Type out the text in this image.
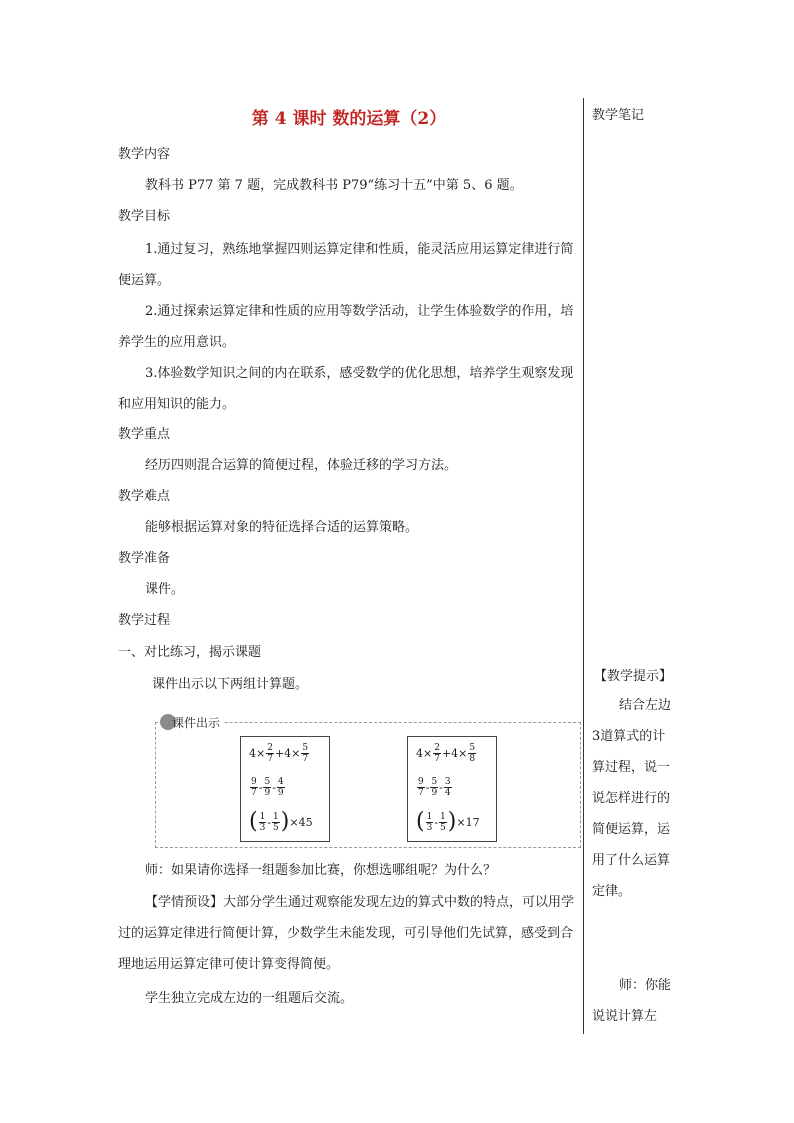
第 4 课时 数的运算（2）
教学内容
教科书 P77 第 7 题，完成教科书 P79“练习十五”中第 5、6 题。
教学目标
1.通过复习，熟练地掌握四则运算定律和性质，能灵活应用运算定律进行简便运算。
2.通过探索运算定律和性质的应用等数学活动，让学生体验数学的作用，培养学生的应用意识。
3.体验数学知识之间的内在联系，感受数学的优化思想，培养学生观察发现和应用知识的能力。
教学重点
经历四则混合运算的简便过程，体验迁移的学习方法。
教学难点
能够根据运算对象的特征选择合适的运算策略。
教学准备
课件。
教学过程
一、对比练习，揭示课题
课件出示以下两组计算题。
课件出示
$4\times \frac{2}{7} +4\times \frac{5}{7}$
$\frac{9}{7} - \frac{5}{9} - \frac{4}{9}$
( $\frac{1}{3} - \frac{1}{5}$ ) ×45
$4\times \frac{2}{7} +4\times \frac{5}{8}$
$\frac{9}{7} - \frac{5}{9} - \frac{3}{4}$
( $\frac{1}{3} - \frac{1}{5}$ ) ×17
师：如果请你选择一组题参加比赛，你想选哪组呢？为什么？
【学情预设】大部分学生通过观察能发现左边的算式中数的特点，可以用学过的运算定律进行简便计算，少数学生未能发现，可引导他们先试算，感受到合理地运用运算定律可使计算变得简便。
学生独立完成左边的一组题后交流。
教学笔记
【教学提示】
结合左边3道算式的计算过程，说一说怎样进行的简便运算，运用了什么运算定律。
师：你能说说计算左
